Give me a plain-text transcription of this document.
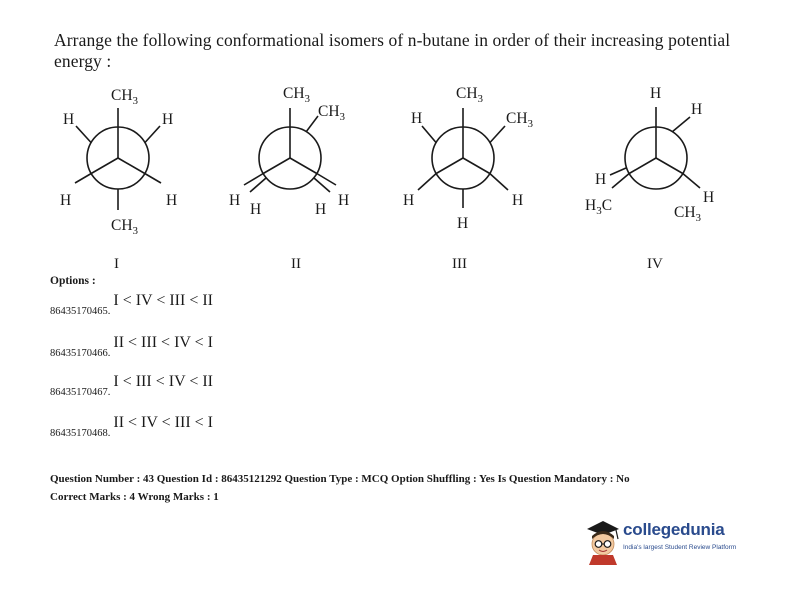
Arrange the following conformational isomers of n-butane in order of their increasing potential energy :
$CH_3$
H	H
H	H
$CH_3$
I
$CH_3$
$CH_3$
H
H	H
H
II
$CH_3$
H	$CH_3$
H	H
H
III
H
H
H
$H_3C$	H
$CH_3$
IV
Options :
86435170465.
I < IV < III < II
86435170466.
II < III < IV < I
86435170467.
I < III < IV < II
86435170468.
II < IV < III < I
Question Number : 43 Question Id : 86435121292 Question Type : MCQ Option Shuffling : Yes Is Question Mandatory : No
Correct Marks : 4 Wrong Marks : 1
collegedunia
India's largest Student Review Platform
